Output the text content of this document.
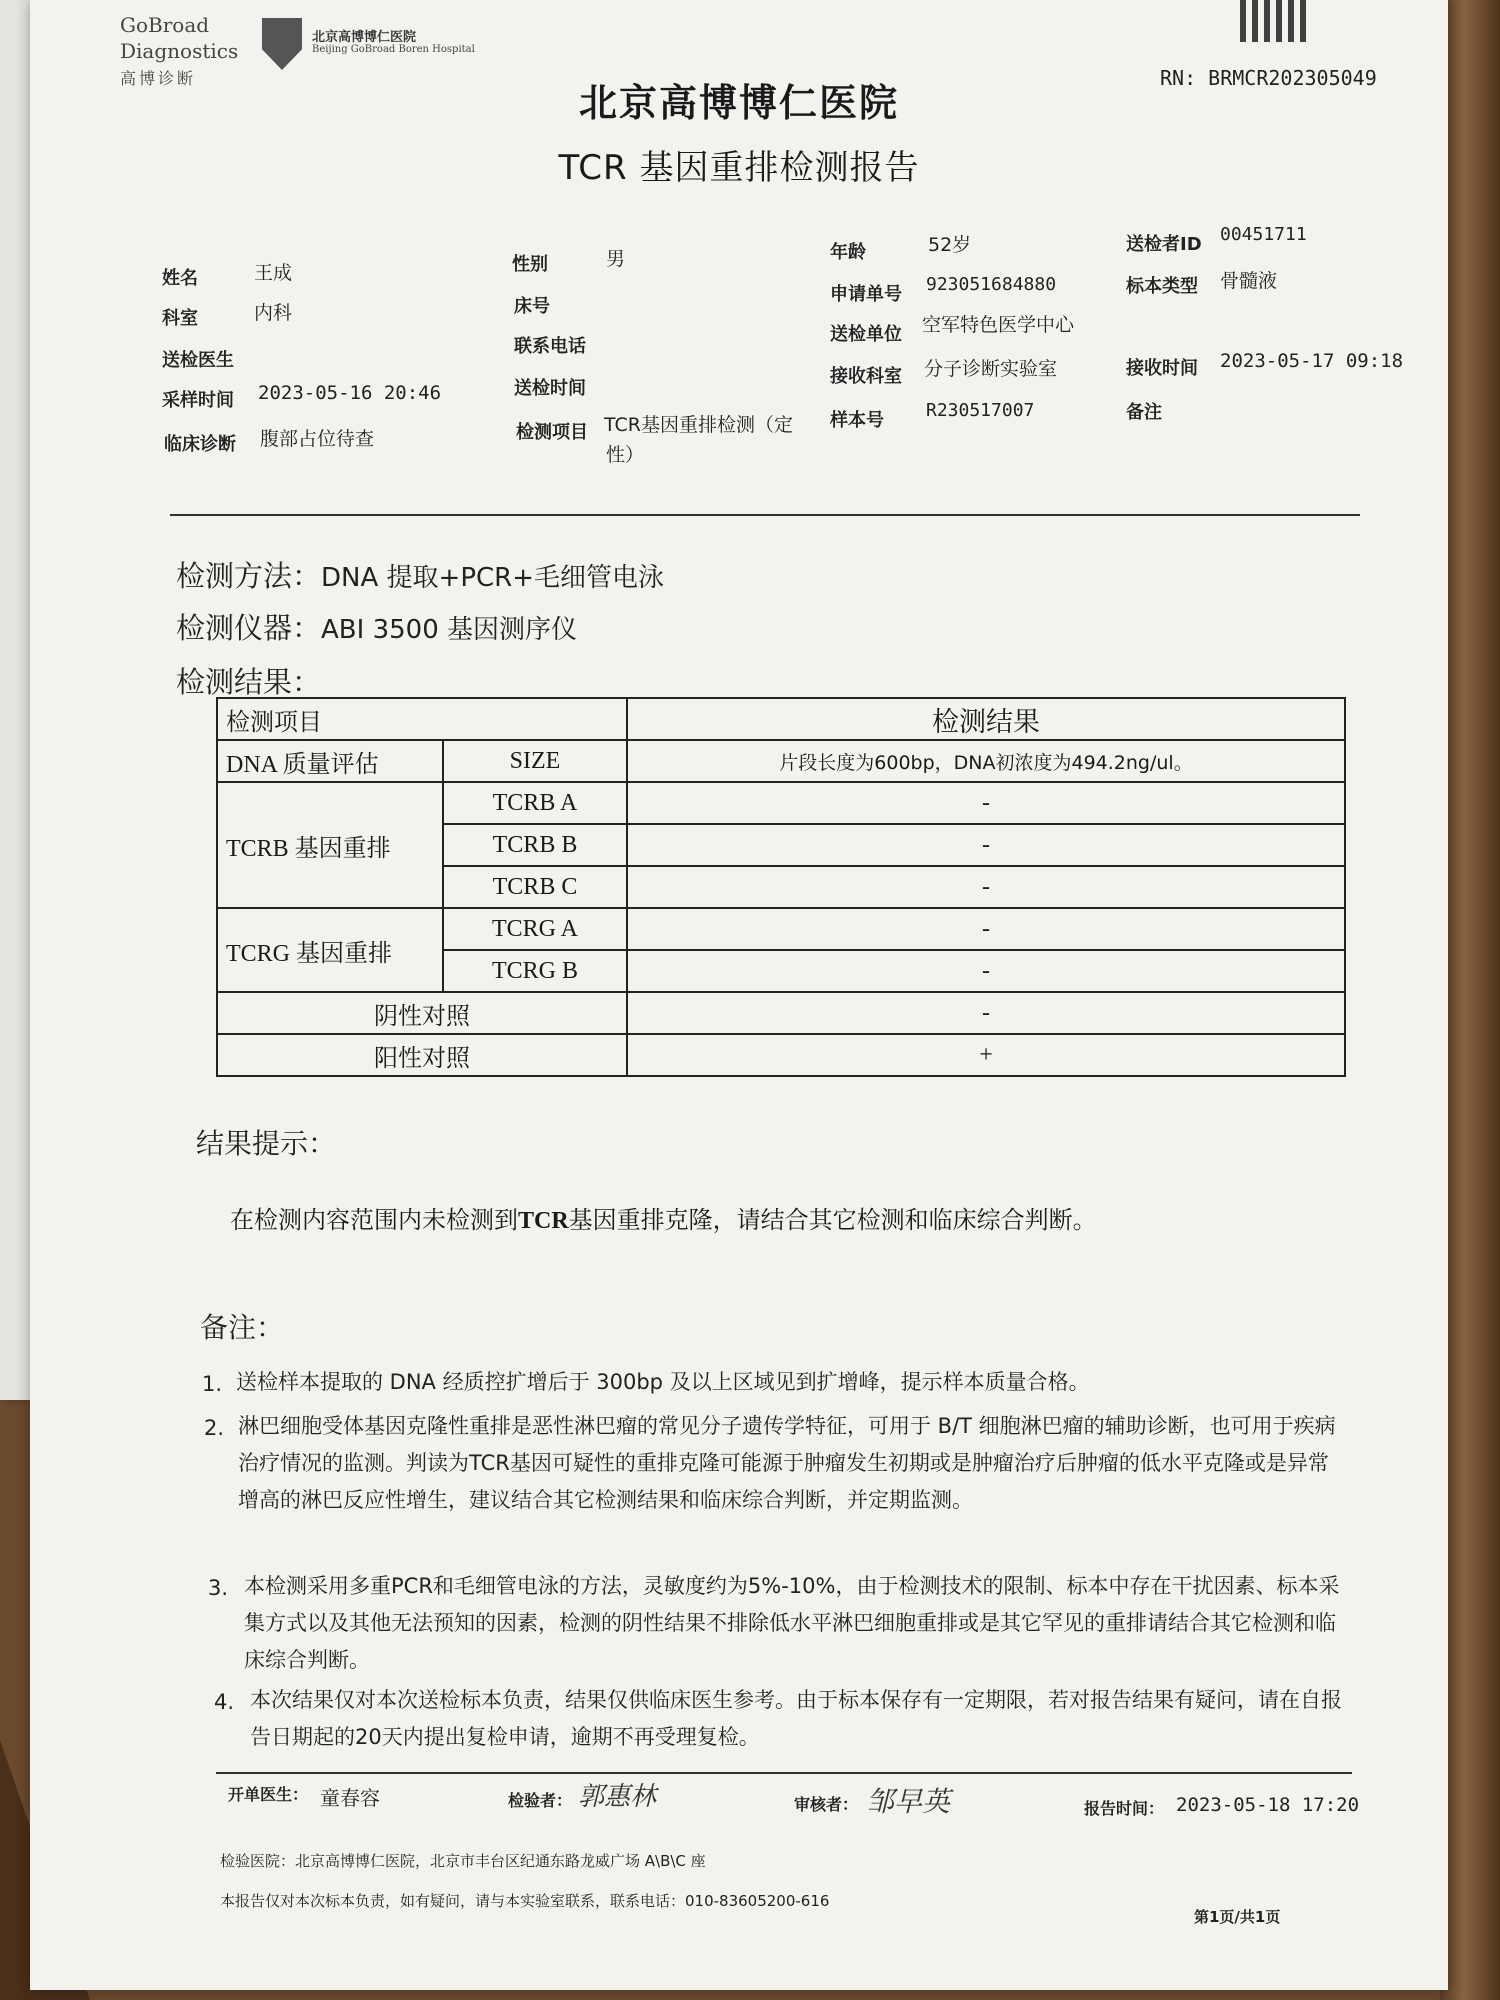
GoBroad
Diagnostics
高博诊断
北京高博博仁医院
Beijing GoBroad Boren Hospital
RN: BRMCR202305049
北京高博博仁医院
TCR 基因重排检测报告
姓名	王成
科室	内科
送检医生
采样时间 2023-05-16 20:46
临床诊断 腹部占位待查
性别	男
床号
联系电话
送检时间
检测项目 TCR基因重排检测（定
性）
年龄	52岁
申请单号 923051684880
送检单位 空军特色医学中心
接收科室 分子诊断实验室
样本号 R230517007
送检者ID 00451711
标本类型 骨髓液
接收时间 2023-05-17 09:18
备注
检测方法：DNA 提取+PCR+毛细管电泳
检测仪器：ABI 3500 基因测序仪
检测结果：
检测项目		检测结果
DNA 质量评估	SIZE	片段长度为600bp，DNA初浓度为494.2ng/ul。
TCRB 基因重排	TCRB A	-
	TCRB B	-
	TCRB C	-
TCRG 基因重排	TCRG A	-
	TCRG B	-
阴性对照		-
阳性对照		+
结果提示：
在检测内容范围内未检测到TCR基因重排克隆，请结合其它检测和临床综合判断。
备注：
1. 送检样本提取的 DNA 经质控扩增后于 300bp 及以上区域见到扩增峰，提示样本质量合格。
2. 淋巴细胞受体基因克隆性重排是恶性淋巴瘤的常见分子遗传学特征，可用于 B/T 细胞淋巴瘤的辅助诊断，也可用于疾病治疗情况的监测。判读为TCR基因可疑性的重排克隆可能源于肿瘤发生初期或是肿瘤治疗后肿瘤的低水平克隆或是异常增高的淋巴反应性增生，建议结合其它检测结果和临床综合判断，并定期监测。
3. 本检测采用多重PCR和毛细管电泳的方法，灵敏度约为5%-10%，由于检测技术的限制、标本中存在干扰因素、标本采集方式以及其他无法预知的因素，检测的阴性结果不排除低水平淋巴细胞重排或是其它罕见的重排请结合其它检测和临床综合判断。
4. 本次结果仅对本次送检标本负责，结果仅供临床医生参考。由于标本保存有一定期限，若对报告结果有疑问，请在自报告日期起的20天内提出复检申请，逾期不再受理复检。
开单医生： 童春容	检验者： 郭惠林	审核者： 邹早英	报告时间： 2023-05-18 17:20
检验医院：北京高博博仁医院，北京市丰台区纪通东路龙威广场 A\B\C 座
本报告仅对本次标本负责，如有疑问，请与本实验室联系，联系电话：010-83605200-616
第1页/共1页
